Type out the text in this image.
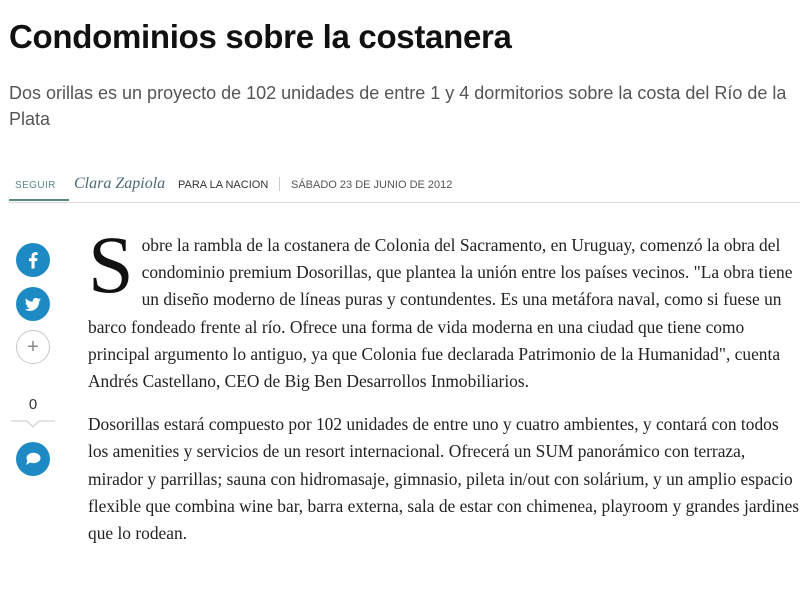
Condominios sobre la costanera

Dos orillas es un proyecto de 102 unidades de entre 1 y 4 dormitorios sobre la costa del Río de la Plata

SEGUIR	Clara Zapiola PARA LA NACION SÁBADO 23 DE JUNIO DE 2012
+
0

Sobre la rambla de la costanera de Colonia del Sacramento, en Uruguay, comenzó la obra del condominio premium Dosorillas, que plantea la unión entre los países vecinos. "La obra tiene un diseño moderno de líneas puras y contundentes. Es una metáfora naval, como si fuese un barco fondeado frente al río. Ofrece una forma de vida moderna en una ciudad que tiene como principal argumento lo antiguo, ya que Colonia fue declarada Patrimonio de la Humanidad", cuenta Andrés Castellano, CEO de Big Ben Desarrollos Inmobiliarios.

Dosorillas estará compuesto por 102 unidades de entre uno y cuatro ambientes, y contará con todos los amenities y servicios de un resort internacional. Ofrecerá un SUM panorámico con terraza, mirador y parrillas; sauna con hidromasaje, gimnasio, pileta in/out con solárium, y un amplio espacio flexible que combina wine bar, barra externa, sala de estar con chimenea, playroom y grandes jardines que lo rodean.
